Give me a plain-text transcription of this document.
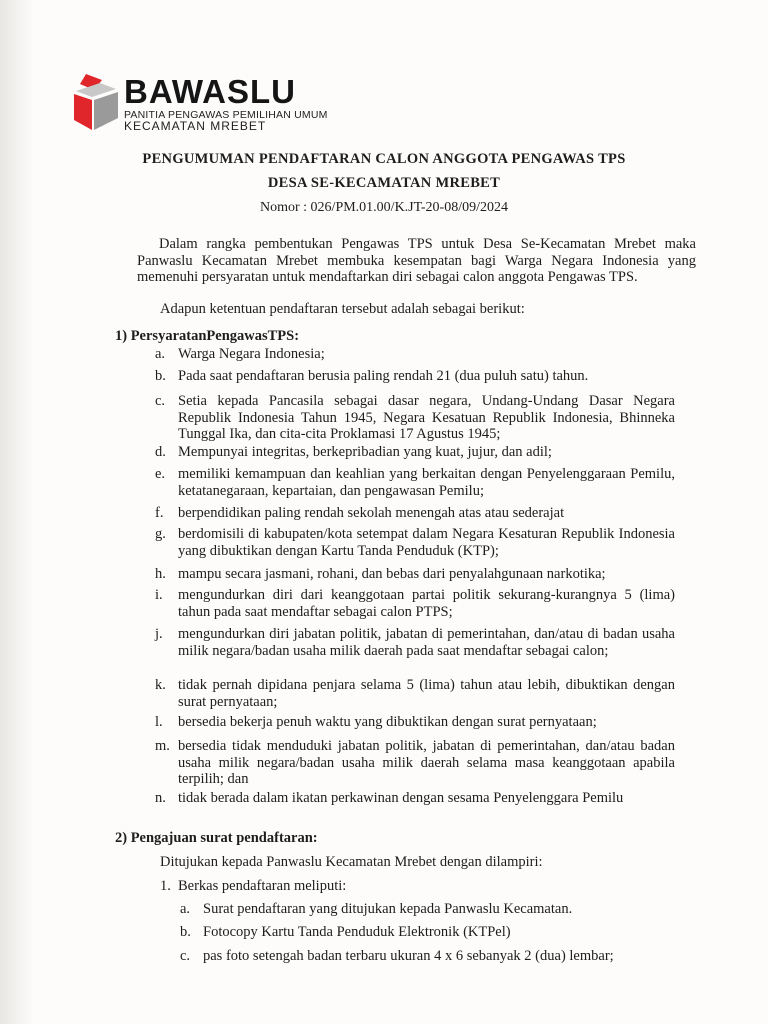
BAWASLU
PANITIA PENGAWAS PEMILIHAN UMUM
KECAMATAN MREBET
PENGUMUMAN PENDAFTARAN CALON ANGGOTA PENGAWAS TPS
DESA SE-KECAMATAN MREBET
Nomor : 026/PM.01.00/K.JT-20-08/09/2024
Dalam rangka pembentukan Pengawas TPS untuk Desa Se-Kecamatan Mrebet maka Panwaslu Kecamatan Mrebet membuka kesempatan bagi Warga Negara Indonesia yang memenuhi persyaratan untuk mendaftarkan diri sebagai calon anggota Pengawas TPS.
Adapun ketentuan pendaftaran tersebut adalah sebagai berikut:
1) PersyaratanPengawasTPS:
a. Warga Negara Indonesia;
b. Pada saat pendaftaran berusia paling rendah 21 (dua puluh satu) tahun.
c. Setia kepada Pancasila sebagai dasar negara, Undang-Undang Dasar Negara Republik Indonesia Tahun 1945, Negara Kesatuan Republik Indonesia, Bhinneka Tunggal Ika, dan cita-cita Proklamasi 17 Agustus 1945;
d. Mempunyai integritas, berkepribadian yang kuat, jujur, dan adil;
e. memiliki kemampuan dan keahlian yang berkaitan dengan Penyelenggaraan Pemilu, ketatanegaraan, kepartaian, dan pengawasan Pemilu;
f.	berpendidikan paling rendah sekolah menengah atas atau sederajat
g. berdomisili di kabupaten/kota setempat dalam Negara Kesaturan Republik Indonesia yang dibuktikan dengan Kartu Tanda Penduduk (KTP);
h. mampu secara jasmani, rohani, dan bebas dari penyalahgunaan narkotika;
i.	mengundurkan diri dari keanggotaan partai politik sekurang-kurangnya 5 (lima) tahun pada saat mendaftar sebagai calon PTPS;
j.	mengundurkan diri jabatan politik, jabatan di pemerintahan, dan/atau di badan usaha milik negara/badan usaha milik daerah pada saat mendaftar sebagai calon;
k. tidak pernah dipidana penjara selama 5 (lima) tahun atau lebih, dibuktikan dengan surat pernyataan;
l.	bersedia bekerja penuh waktu yang dibuktikan dengan surat pernyataan;
m. bersedia tidak menduduki jabatan politik, jabatan di pemerintahan, dan/atau badan usaha milik negara/badan usaha milik daerah selama masa keanggotaan apabila terpilih; dan
n. tidak berada dalam ikatan perkawinan dengan sesama Penyelenggara Pemilu
2) Pengajuan surat pendaftaran:
Ditujukan kepada Panwaslu Kecamatan Mrebet dengan dilampiri:
1. Berkas pendaftaran meliputi:
a. Surat pendaftaran yang ditujukan kepada Panwaslu Kecamatan.
b. Fotocopy Kartu Tanda Penduduk Elektronik (KTPel)
c. pas foto setengah badan terbaru ukuran 4 x 6 sebanyak 2 (dua) lembar;
